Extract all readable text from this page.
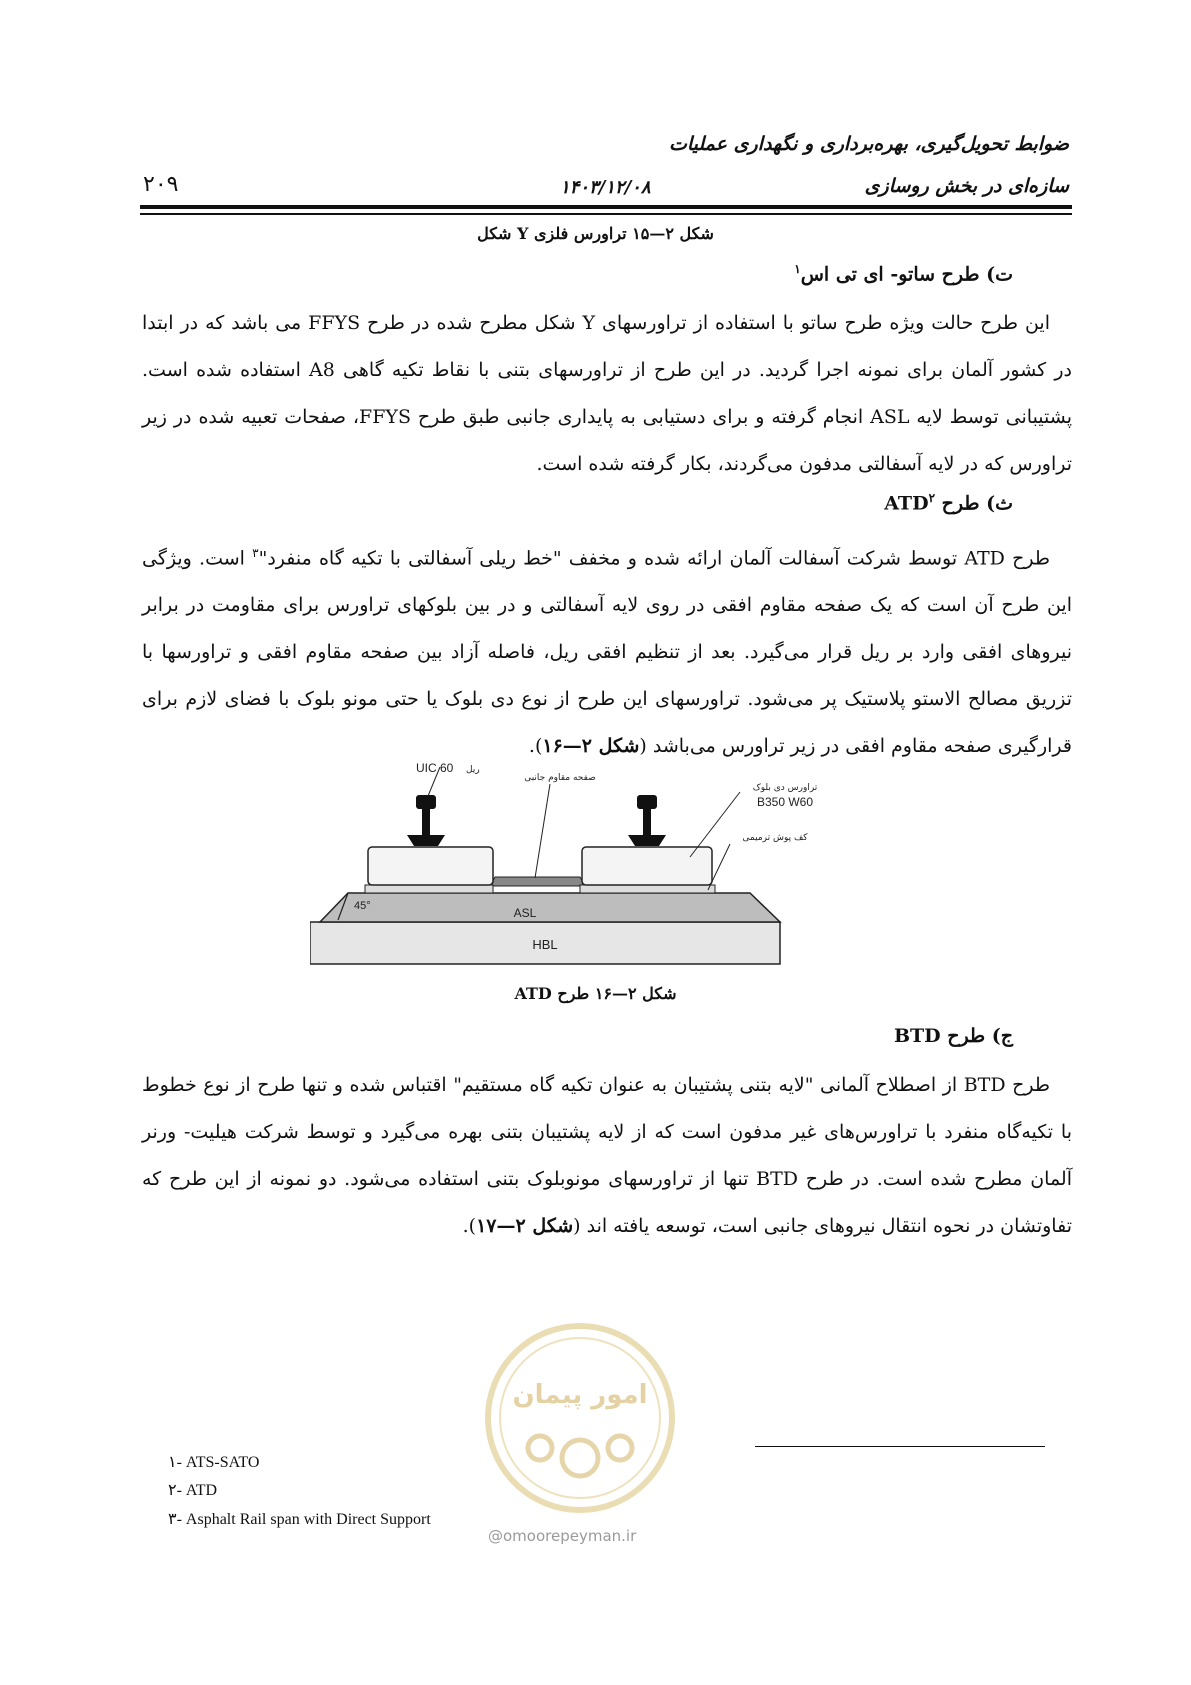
ضوابط تحویل‌گیری، بهره‌برداری و نگهداری عملیات
سازه‌ای در بخش روسازی
۱۴۰۳/۱۲/۰۸
۲۰۹
شکل ۲—۱۵ تراورس فلزی Y شکل
ت) طرح ساتو- ای تی اس$^۱$
این طرح حالت ویژه طرح ساتو با استفاده از تراورسهای Y شکل مطرح شده در طرح FFYS می باشد که در ابتدا در کشور آلمان برای نمونه اجرا گردید. در این طرح از تراورسهای بتنی با نقاط تکیه گاهی A8 استفاده شده است. پشتیبانی توسط لایه ASL انجام گرفته و برای دستیابی به پایداری جانبی طبق طرح FFYS، صفحات تعبیه شده در زیر تراورس که در لایه آسفالتی مدفون می‌گردند، بکار گرفته شده است.
ث) طرح ATD$^۲$
طرح ATD توسط شرکت آسفالت آلمان ارائه شده و مخفف "خط ریلی آسفالتی با تکیه گاه منفرد"$^۳$ است. ویژگی این طرح آن است که یک صفحه مقاوم افقی در روی لایه آسفالتی و در بین بلوکهای تراورس برای مقاومت در برابر نیروهای افقی وارد بر ریل قرار می‌گیرد. بعد از تنظیم افقی ریل، فاصله آزاد بین صفحه مقاوم افقی و تراورسها با تزریق مصالح الاستو پلاستیک پر می‌شود. تراورسهای این طرح از نوع دی بلوک یا حتی مونو بلوک با فضای لازم برای قرارگیری صفحه مقاوم افقی در زیر تراورس می‌باشد (شکل ۲—۱۶).
HBL
ASL
45°
UIC 60 ریل
صفحه مقاوم جانبی
تراورس دی بلوک
B350 W60
کف پوش ترمیمی
شکل ۲—۱۶ طرح ATD
ج) طرح BTD
طرح BTD از اصطلاح آلمانی "لایه بتنی پشتیبان به عنوان تکیه گاه مستقیم" اقتباس شده و تنها طرح از نوع خطوط با تکیه‌گاه منفرد با تراورس‌های غیر مدفون است که از لایه پشتیبان بتنی بهره می‌گیرد و توسط شرکت هیلیت- ورنر آلمان مطرح شده است. در طرح BTD تنها از تراورسهای مونوبلوک بتنی استفاده می‌شود. دو نمونه از این طرح که تفاوتشان در نحوه انتقال نیروهای جانبی است، توسعه یافته اند (شکل ۲—۱۷).
امور پیمان
@omoorepeyman.ir
۱- ATS-SATO
۲- ATD
۳- Asphalt Rail span with Direct Support
